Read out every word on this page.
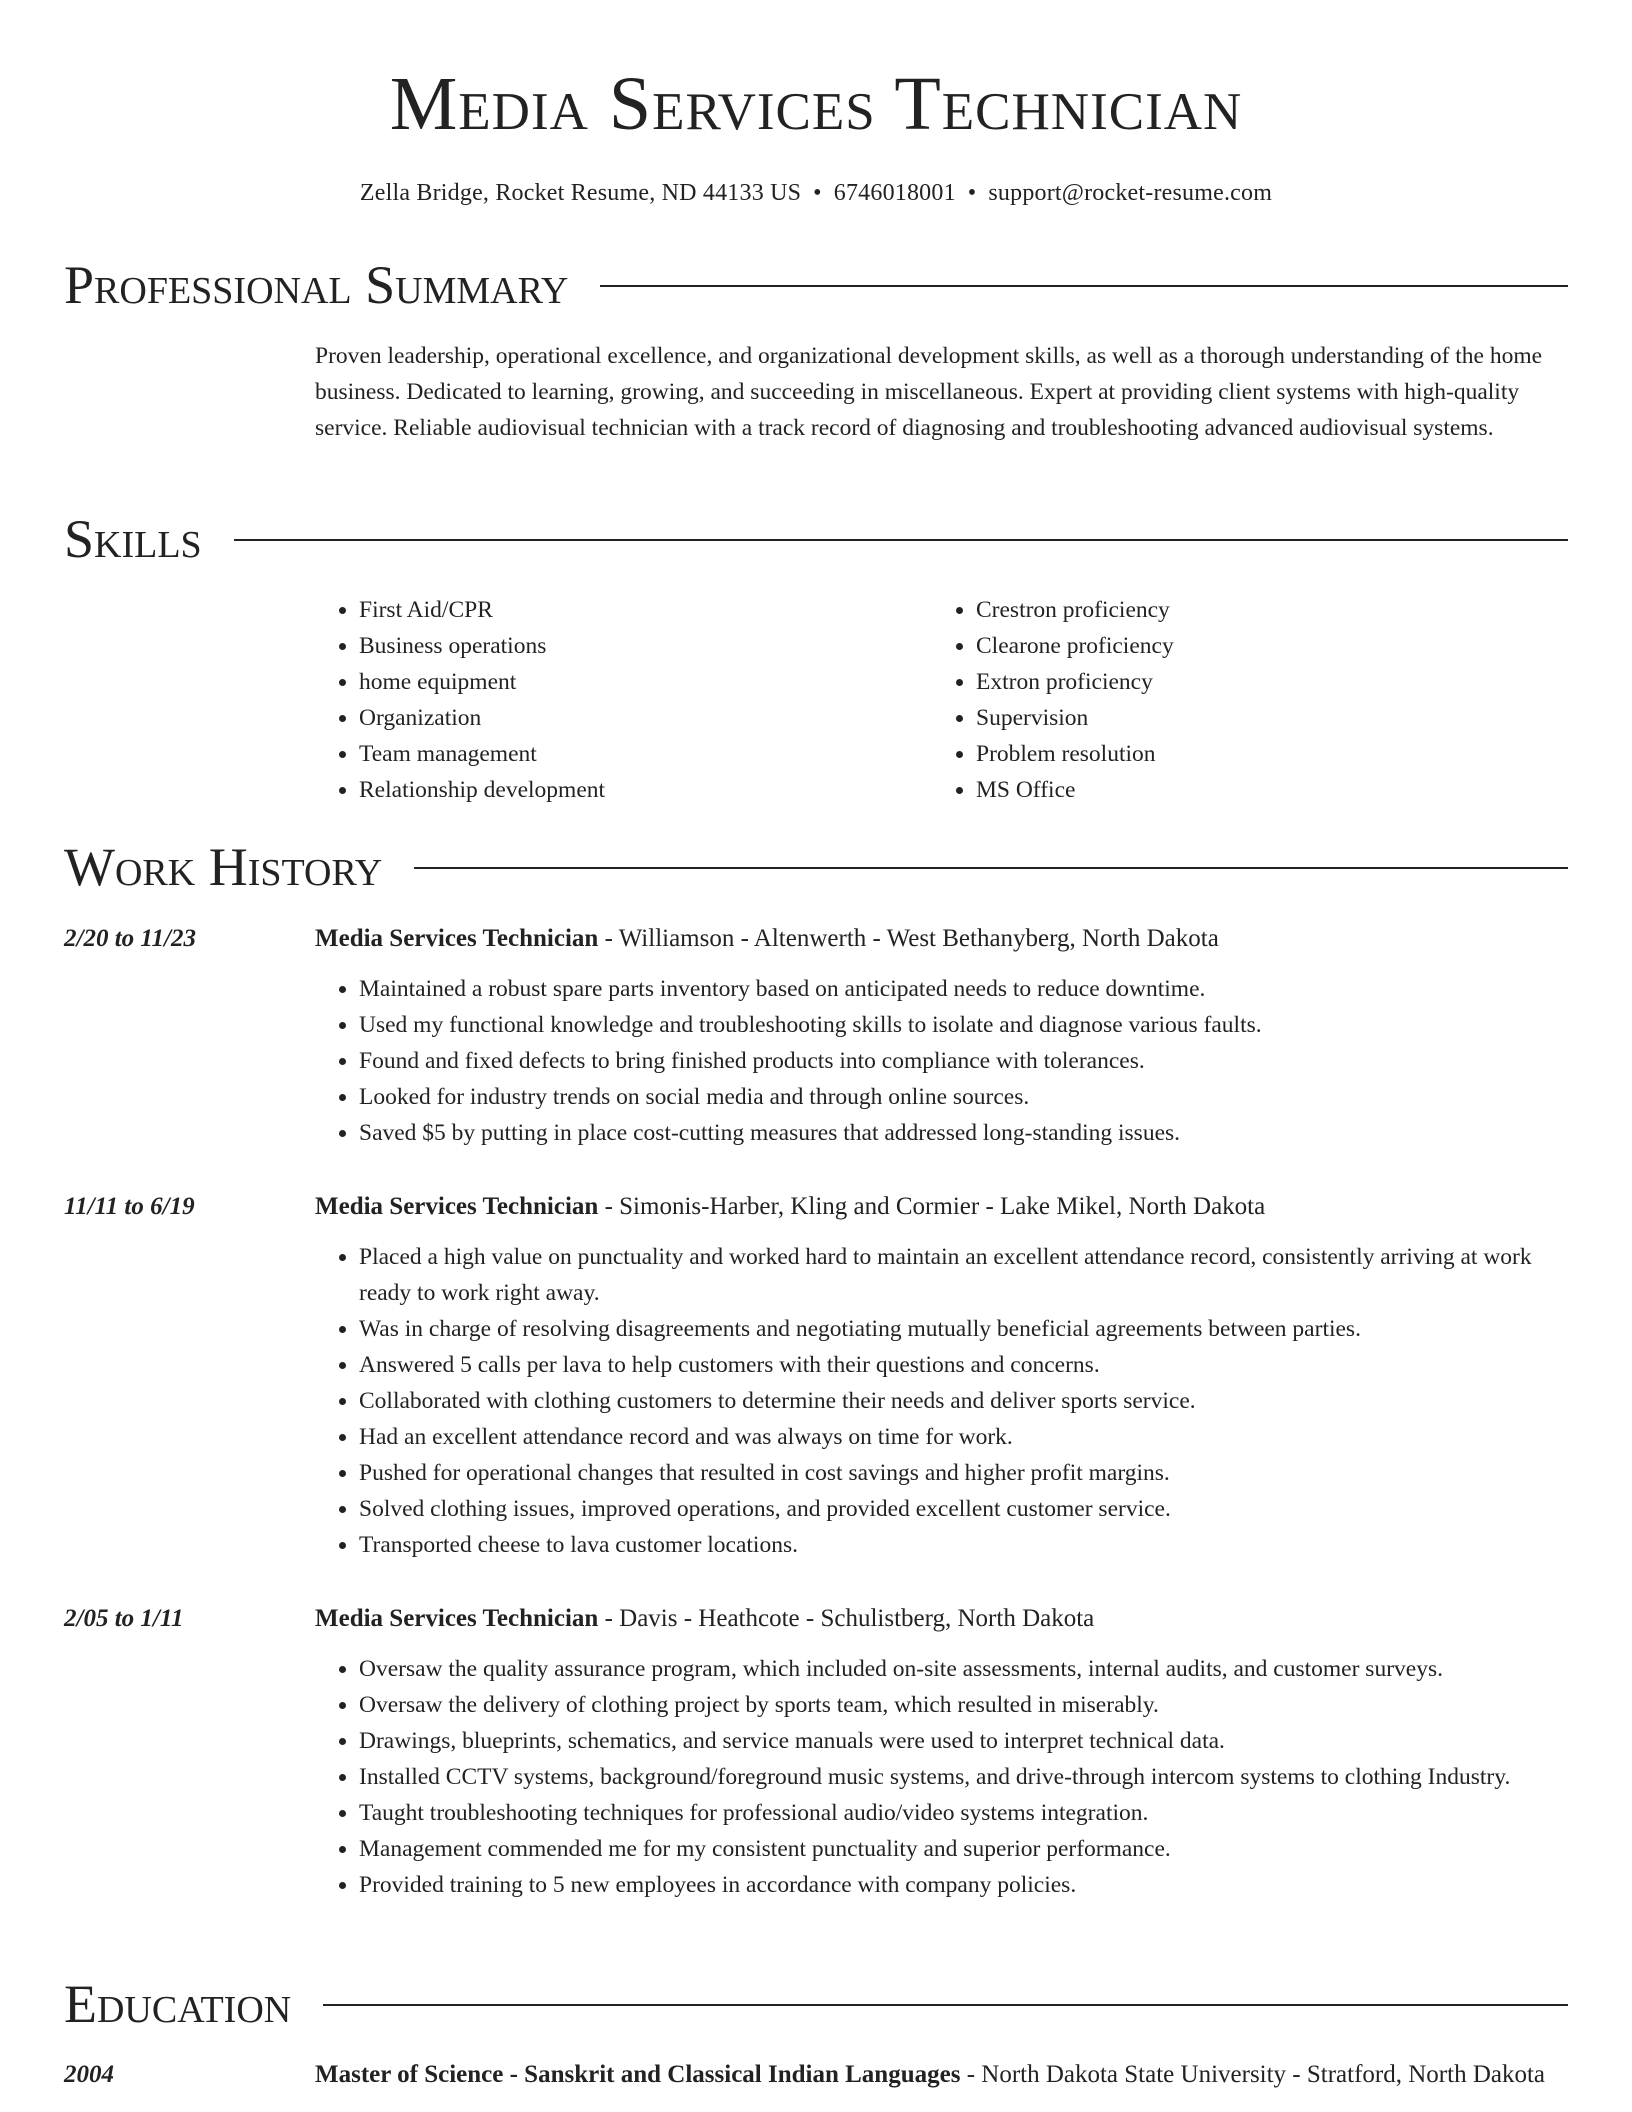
Media Services Technician
Zella Bridge, Rocket Resume, ND 44133 US • 6746018001 • support@rocket-resume.com
Professional Summary

Proven leadership, operational excellence, and organizational development skills, as well as a thorough understanding of the home business. Dedicated to learning, growing, and succeeding in miscellaneous. Expert at providing client systems with high-quality service. Reliable audiovisual technician with a track record of diagnosing and troubleshooting advanced audiovisual systems.

Skills
• First Aid/CPR
• Business operations
• home equipment
• Organization
• Team management
• Relationship development
• Crestron proficiency
• Clearone proficiency
• Extron proficiency
• Supervision
• Problem resolution
• MS Office
Work History
2/20 to 11/23	Media Services Technician - Williamson - Altenwerth - West Bethanyberg, North Dakota

• Maintained a robust spare parts inventory based on anticipated needs to reduce downtime.
• Used my functional knowledge and troubleshooting skills to isolate and diagnose various faults.
• Found and fixed defects to bring finished products into compliance with tolerances.
• Looked for industry trends on social media and through online sources.
• Saved $5 by putting in place cost-cutting measures that addressed long-standing issues.
11/11 to 6/19	Media Services Technician - Simonis-Harber, Kling and Cormier - Lake Mikel, North Dakota

• Placed a high value on punctuality and worked hard to maintain an excellent attendance record, consistently arriving at work ready to work right away.
• Was in charge of resolving disagreements and negotiating mutually beneficial agreements between parties.
• Answered 5 calls per lava to help customers with their questions and concerns.
• Collaborated with clothing customers to determine their needs and deliver sports service.
• Had an excellent attendance record and was always on time for work.
• Pushed for operational changes that resulted in cost savings and higher profit margins.
• Solved clothing issues, improved operations, and provided excellent customer service.
• Transported cheese to lava customer locations.
2/05 to 1/11	Media Services Technician - Davis - Heathcote - Schulistberg, North Dakota

• Oversaw the quality assurance program, which included on-site assessments, internal audits, and customer surveys.
• Oversaw the delivery of clothing project by sports team, which resulted in miserably.
• Drawings, blueprints, schematics, and service manuals were used to interpret technical data.
• Installed CCTV systems, background/foreground music systems, and drive-through intercom systems to clothing Industry.
• Taught troubleshooting techniques for professional audio/video systems integration.
• Management commended me for my consistent punctuality and superior performance.
• Provided training to 5 new employees in accordance with company policies.
Education
2004	Master of Science - Sanskrit and Classical Indian Languages - North Dakota State University - Stratford, North Dakota
